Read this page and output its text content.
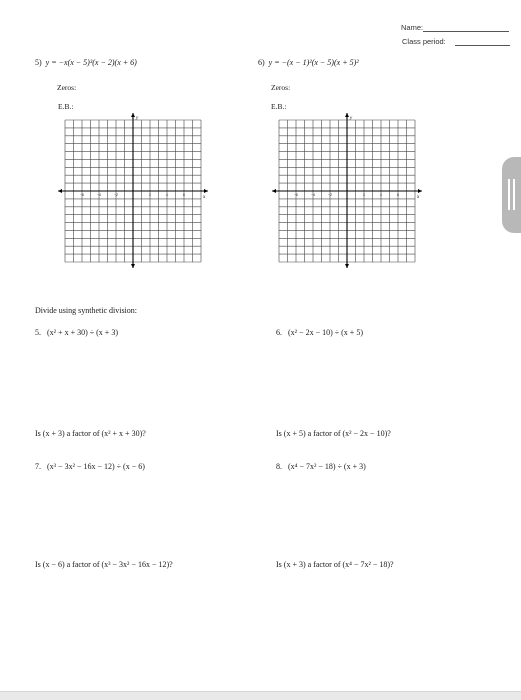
Name:
Class period:
5) y = −x(x − 5)³(x − 2)(x + 6)
Zeros:
E.B.:
y
x
−6	−4	−2	2	4	6
6) y = −(x − 1)²(x − 5)(x + 5)²
Zeros:
E.B.:
y
x
−6	−4	−2	2	4	6
Divide using synthetic division:
5. (x² + x + 30) ÷ (x + 3)	6. (x² − 2x − 10) ÷ (x + 5)
Is (x + 3) a factor of (x² + x + 30)?	Is (x + 5) a factor of (x² − 2x − 10)?
7. (x³ − 3x² − 16x − 12) ÷ (x − 6)	8. (x⁴ − 7x² − 18) ÷ (x + 3)
Is (x − 6) a factor of (x³ − 3x² − 16x − 12)?	Is (x + 3) a factor of (x⁴ − 7x² − 18)?
